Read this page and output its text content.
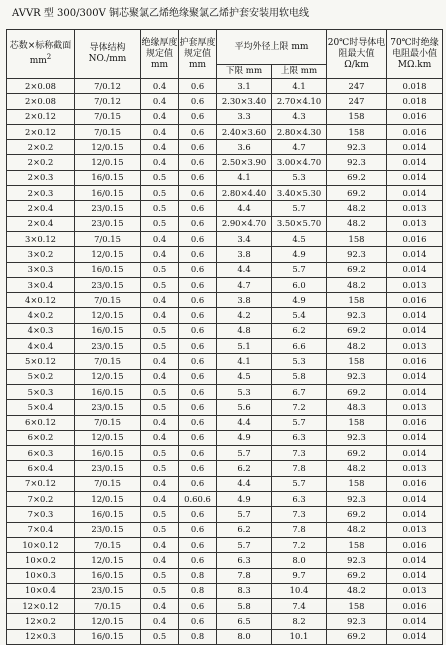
AVVR 型 300/300V 铜芯聚氯乙烯绝缘聚氯乙烯护套安装用软电线
芯数×标称截面 $mm^2$	导体结构 NO./mm	绝缘厚度规定值 mm	护套厚度规定值 mm	平均外径上限 mm		20℃时导体电阻最大值 Ω/km	70℃时绝缘电阻最小值 MΩ.km
				下限 mm	上限 mm		
2×0.08	7/0.12	0.4	0.6	3.1	4.1	247	0.018
2×0.08	7/0.12	0.4	0.6	2.30×3.40	2.70×4.10	247	0.018
2×0.12	7/0.15	0.4	0.6	3.3	4.3	158	0.016
2×0.12	7/0.15	0.4	0.6	2.40×3.60	2.80×4.30	158	0.016
2×0.2	12/0.15	0.4	0.6	3.6	4.7	92.3	0.014
2×0.2	12/0.15	0.4	0.6	2.50×3.90	3.00×4.70	92.3	0.014
2×0.3	16/0.15	0.5	0.6	4.1	5.3	69.2	0.014
2×0.3	16/0.15	0.5	0.6	2.80×4.40	3.40×5.30	69.2	0.014
2×0.4	23/0.15	0.5	0.6	4.4	5.7	48.2	0.013
2×0.4	23/0.15	0.5	0.6	2.90×4.70	3.50×5.70	48.2	0.013
3×0.12	7/0.15	0.4	0.6	3.4	4.5	158	0.016
3×0.2	12/0.15	0.4	0.6	3.8	4.9	92.3	0.014
3×0.3	16/0.15	0.5	0.6	4.4	5.7	69.2	0.014
3×0.4	23/0.15	0.5	0.6	4.7	6.0	48.2	0.013
4×0.12	7/0.15	0.4	0.6	3.8	4.9	158	0.016
4×0.2	12/0.15	0.4	0.6	4.2	5.4	92.3	0.014
4×0.3	16/0.15	0.5	0.6	4.8	6.2	69.2	0.014
4×0.4	23/0.15	0.5	0.6	5.1	6.6	48.2	0.013
5×0.12	7/0.15	0.4	0.6	4.1	5.3	158	0.016
5×0.2	12/0.15	0.4	0.6	4.5	5.8	92.3	0.014
5×0.3	16/0.15	0.5	0.6	5.3	6.7	69.2	0.014
5×0.4	23/0.15	0.5	0.6	5.6	7.2	48.3	0.013
6×0.12	7/0.15	0.4	0.6	4.4	5.7	158	0.016
6×0.2	12/0.15	0.4	0.6	4.9	6.3	92.3	0.014
6×0.3	16/0.15	0.5	0.6	5.7	7.3	69.2	0.014
6×0.4	23/0.15	0.5	0.6	6.2	7.8	48.2	0.013
7×0.12	7/0.15	0.4	0.6	4.4	5.7	158	0.016
7×0.2	12/0.15	0.4	0.60.6	4.9	6.3	92.3	0.014
7×0.3	16/0.15	0.5	0.6	5.7	7.3	69.2	0.014
7×0.4	23/0.15	0.5	0.6	6.2	7.8	48.2	0.013
10×0.12	7/0.15	0.4	0.6	5.7	7.2	158	0.016
10×0.2	12/0.15	0.4	0.6	6.3	8.0	92.3	0.014
10×0.3	16/0.15	0.5	0.8	7.8	9.7	69.2	0.014
10×0.4	23/0.15	0.5	0.8	8.3	10.4	48.2	0.013
12×0.12	7/0.15	0.4	0.6	5.8	7.4	158	0.016
12×0.2	12/0.15	0.4	0.6	6.5	8.2	92.3	0.014
12×0.3	16/0.15	0.5	0.8	8.0	10.1	69.2	0.014
